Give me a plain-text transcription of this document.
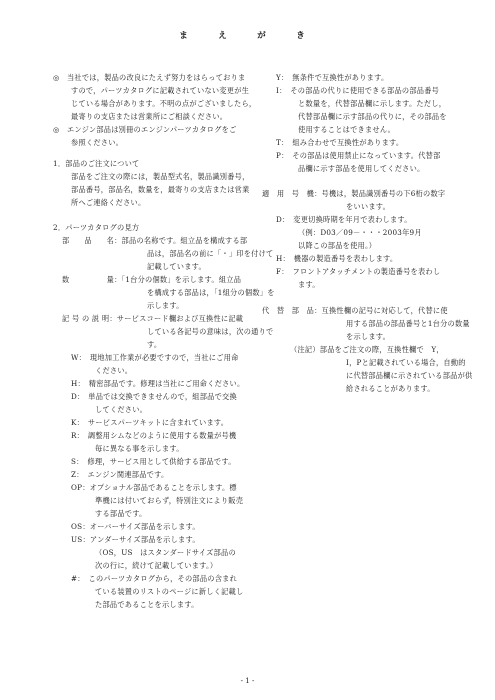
ま　え　が　き
◎　当社では，製品の改良にたえず努力をはらっておりま
すので，パーツカタログに記載されていない変更が生
じている場合があります。不明の点がございましたら，
最寄りの支店または営業所にご相談ください。
◎　エンジン部品は別冊のエンジンパーツカタログをご
参照ください。
1．部品のご注文について
部品をご注文の際には，製品型式名，製品識別番号，
部品番号，部品名，数量を，最寄りの支店または営業
所へご連絡ください。
2．パーツカタログの見方
部　　品　　名：部品の名称です。組立品を構成する部
品は，部品名の前に「・」印を付けて
記載しています。
数　　　　　量：「1台分の個数」を示します。組立品
を構成する部品は，「1組分の個数」を
示します。
記 号 の 説 明：サービスコード欄および互換性に記載
している各記号の意味は，次の通りで
す。
W：　現地加工作業が必要ですので，当社にご用命
ください。
H：　精密部品です。修理は当社にご用命ください。
D：　単品では交換できませんので，組部品で交換
してください。
K：　サービスパーツキットに含まれています。
R：　調整用シムなどのように使用する数量が号機
毎に異なる事を示します。
S：　修理，サービス用として供給する部品です。
Z：　エンジン関連部品です。
OP：オプショナル部品であることを示します。標
準機には付いておらず，特別注文により販売
する部品です。
OS：オーバーサイズ部品を示します。
US：アンダーサイズ部品を示します。
（OS，US　はスタンダードサイズ部品の
次の行に，続けて記載しています。）
#：　このパーツカタログから，その部品の含まれ
ている装置のリストのページに新しく記載し
た部品であることを示します。
Y：　無条件で互換性があります。
I：　その部品の代りに使用できる部品の部品番号
と数量を，代替部品欄に示します。ただし，
代替部品欄に示す部品の代りに，その部品を
使用することはできません。
T：　組み合わせで互換性があります。
P：　その部品は使用禁止になっています。代替部
品欄に示す部品を使用してください。
適　用　号　機：号機は，製品識別番号の下6桁の数字
をいいます。
D：　変更切換時期を年月で表わします。
（例：D03／09－・・・2003年9月
以降この部品を使用。）
H：　機器の製造番号を表わします。
F：　フロントアタッチメントの製造番号を表わし
ます。
代　替　部　品：互換性欄の記号に対応して，代替に使
用する部品の部品番号と1台分の数量
を示します。
（注記）部品をご注文の際，互換性欄で　Y，
I，Pと記載されている場合，自動的
に代替部品欄に示されている部品が供
給されることがあります。
- 1 -
